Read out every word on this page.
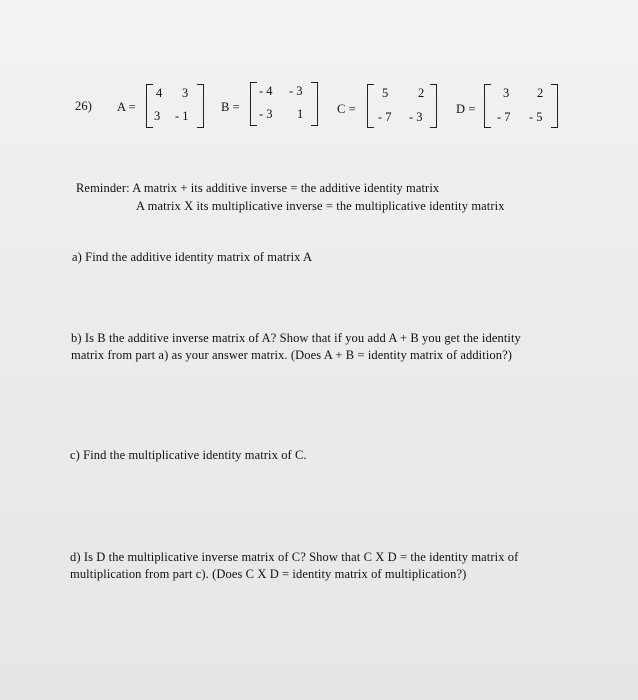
26) A =
4 3
3 - 1
B =
- 4 - 3
- 3 1	C =
5 2
- 7 - 3
D =
3 2
- 7 - 5
Reminder: A matrix + its additive inverse = the additive identity matrix
A matrix X its multiplicative inverse = the multiplicative identity matrix
a) Find the additive identity matrix of matrix A
b) Is B the additive inverse matrix of A? Show that if you add A + B you get the identity
matrix from part a) as your answer matrix. (Does A + B = identity matrix of addition?)
c) Find the multiplicative identity matrix of C.
d) Is D the multiplicative inverse matrix of C? Show that C X D = the identity matrix of
multiplication from part c). (Does C X D = identity matrix of multiplication?)
